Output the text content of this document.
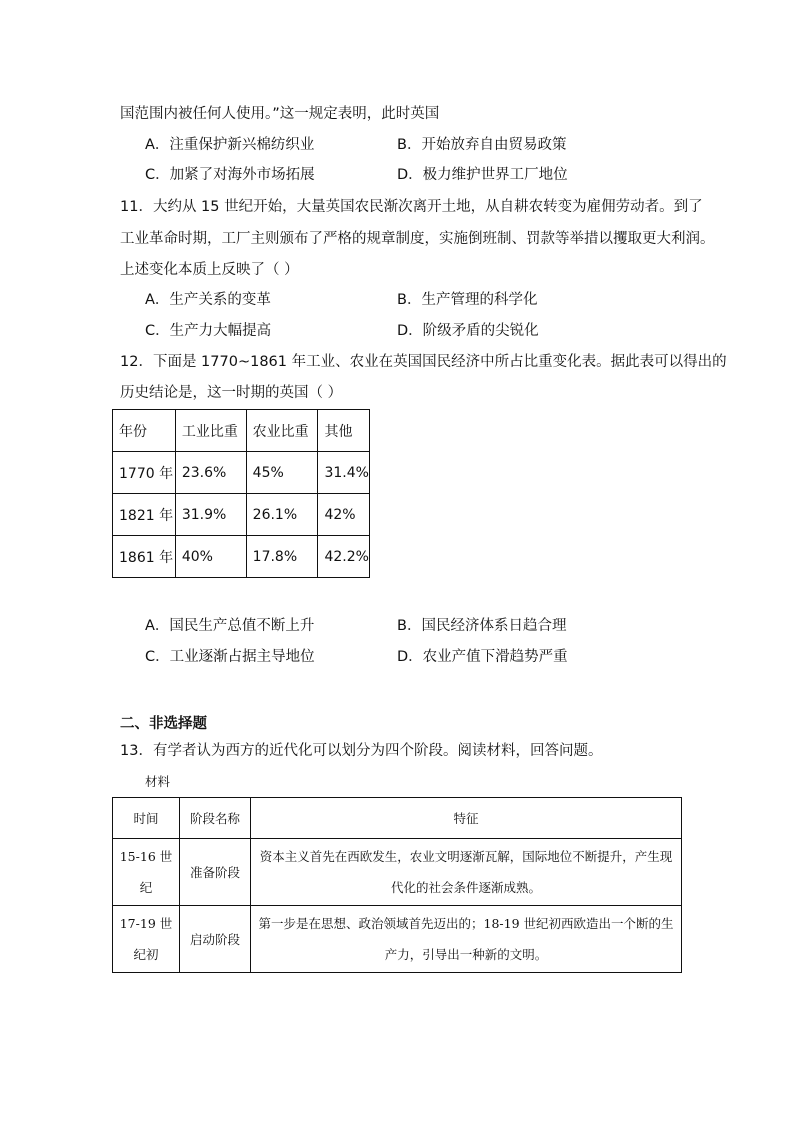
国范围内被任何人使用。”这一规定表明，此时英国
A．注重保护新兴棉纺织业	B．开始放弃自由贸易政策
C．加紧了对海外市场拓展	D．极力维护世界工厂地位
11．大约从 15 世纪开始，大量英国农民渐次离开土地，从自耕农转变为雇佣劳动者。到了
工业革命时期，工厂主则颁布了严格的规章制度，实施倒班制、罚款等举措以攫取更大利润。
上述变化本质上反映了（ ）
A．生产关系的变革	B．生产管理的科学化
C．生产力大幅提高	D．阶级矛盾的尖锐化
12．下面是 1770~1861 年工业、农业在英国国民经济中所占比重变化表。据此表可以得出的
历史结论是，这一时期的英国（ ）
年份	工业比重	农业比重	其他
1770 年	23.6%	45%	31.4%
1821 年	31.9%	26.1%	42%
1861 年	40%	17.8%	42.2%
A．国民生产总值不断上升	B．国民经济体系日趋合理
C．工业逐渐占据主导地位	D．农业产值下滑趋势严重
二、非选择题
13．有学者认为西方的近代化可以划分为四个阶段。阅读材料，回答问题。
材料
时间	阶段名称	特征
15-16 世纪	准备阶段	资本主义首先在西欧发生，农业文明逐渐瓦解，国际地位不断提升，产生现代化的社会条件逐渐成熟。
17-19 世纪初	启动阶段	第一步是在思想、政治领域首先迈出的；18-19 世纪初西欧造出一个断的生产力，引导出一种新的文明。
